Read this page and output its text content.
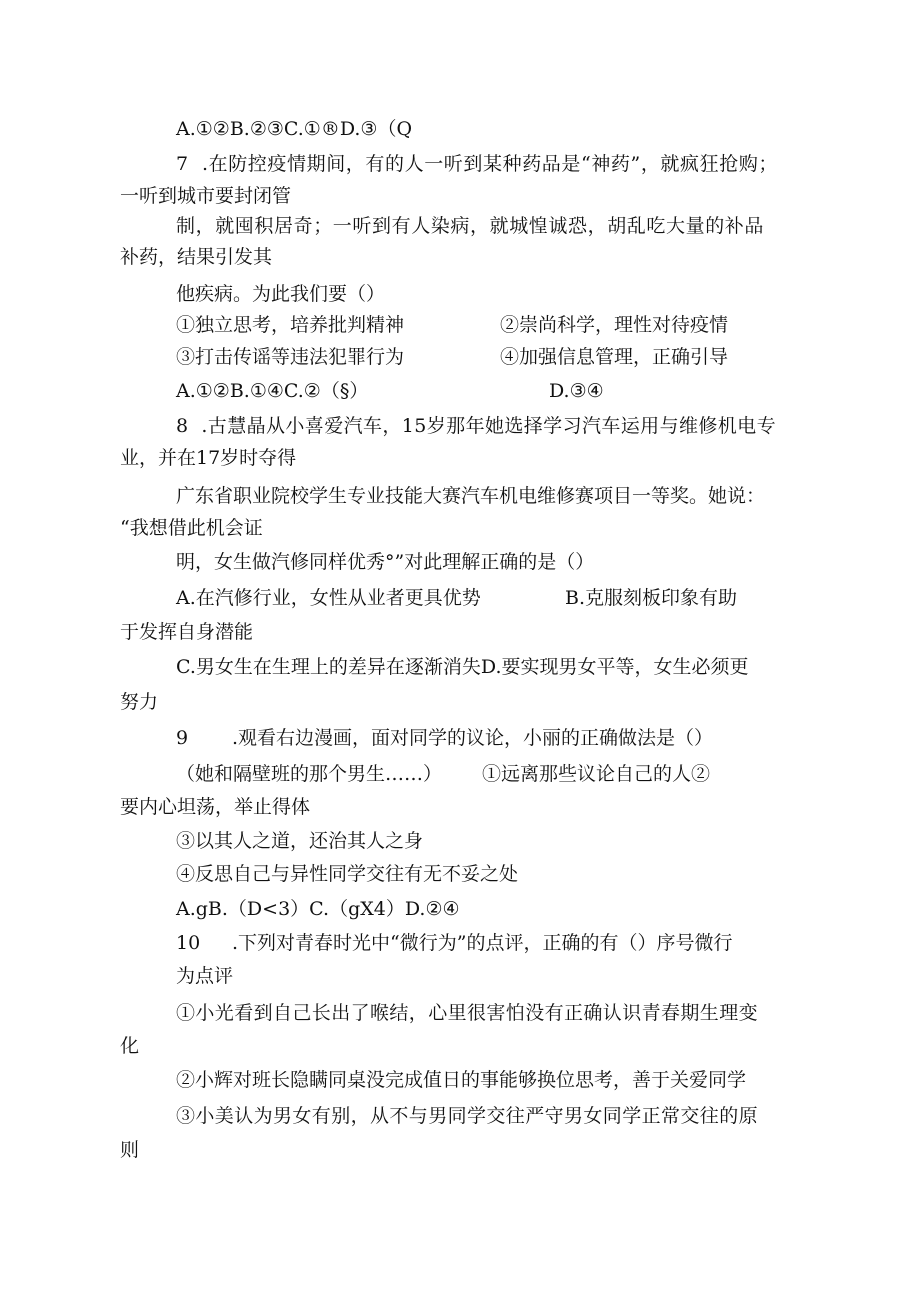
A.①②B.②③C.①®D.③（Q
7  .在防控疫情期间，有的人一听到某种药品是“神药”，就疯狂抢购；
一听到城市要封闭管
制，就囤积居奇；一听到有人染病，就城惶诚恐，胡乱吃大量的补品
补药，结果引发其
他疾病。为此我们要（）
①独立思考，培养批判精神	②崇尚科学，理性对待疫情
③打击传谣等违法犯罪行为	④加强信息管理，正确引导
A.①②B.①④C.②（§）	D.③④
8  .古慧晶从小喜爱汽车，15岁那年她选择学习汽车运用与维修机电专
业，并在17岁时夺得
广东省职业院校学生专业技能大赛汽车机电维修赛项目一等奖。她说：
“我想借此机会证
明，女生做汽修同样优秀°”对此理解正确的是（）
A.在汽修行业，女性从业者更具优势	B.克服刻板印象有助
于发挥自身潜能
C.男女生在生理上的差异在逐渐消失D.要实现男女平等，女生必须更
努力
9 .观看右边漫画，面对同学的议论，小丽的正确做法是（）
（她和隔壁班的那个男生……） ①远离那些议论自己的人②
要内心坦荡，举止得体
③以其人之道，还治其人之身
④反思自己与异性同学交往有无不妥之处
A.gB.（D<3）C.（gX4）D.②④
10 .下列对青春时光中“微行为”的点评，正确的有（）序号微行
为点评
①小光看到自己长出了喉结，心里很害怕没有正确认识青春期生理变
化
②小辉对班长隐瞒同桌没完成值日的事能够换位思考，善于关爱同学
③小美认为男女有别，从不与男同学交往严守男女同学正常交往的原
则
